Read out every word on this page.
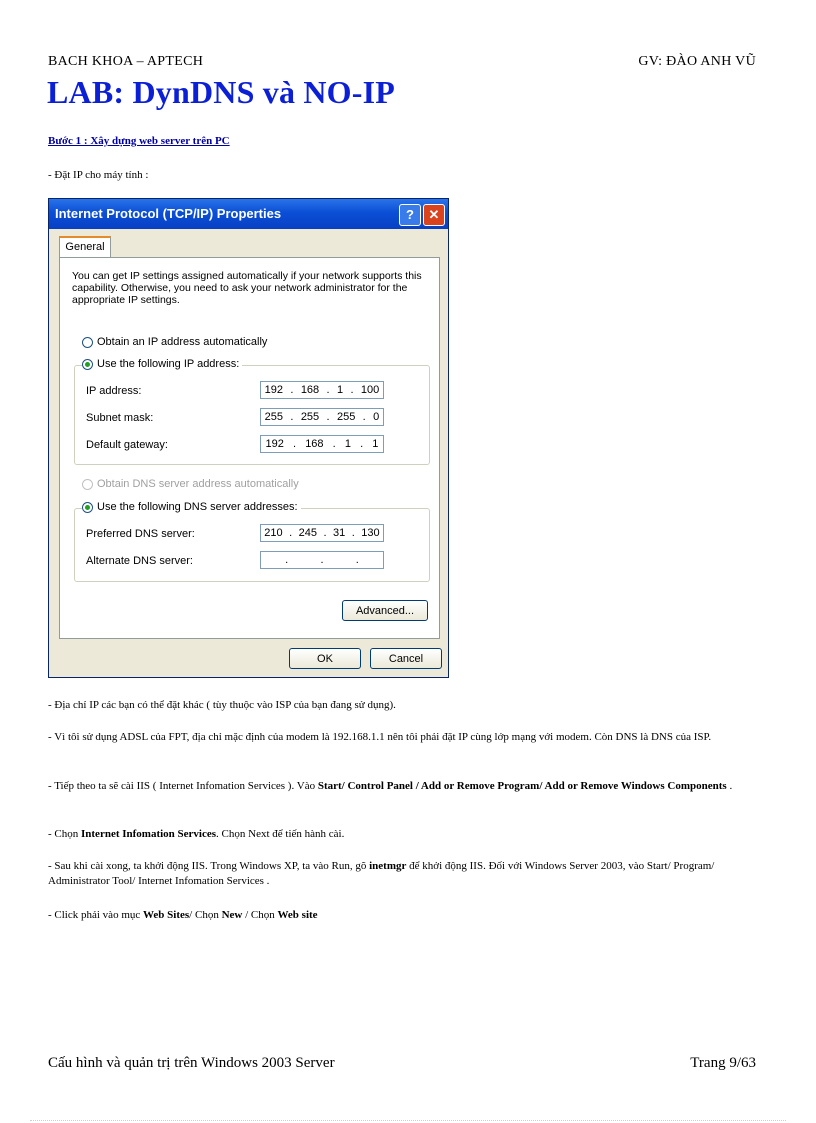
BACH KHOA – APTECH	GV: ĐÀO ANH VŨ
LAB: DynDNS và NO-IP
Bước 1 : Xây dựng web server trên PC
- Đặt IP cho máy tính :
Internet Protocol (TCP/IP) Properties	?	✕
General
You can get IP settings assigned automatically if your network supports this capability. Otherwise, you need to ask your network administrator for the appropriate IP settings.
Obtain an IP address automatically
Use the following IP address:
IP address:	192 . 168 . 1 . 100
Subnet mask:	255 . 255 . 255 . 0
Default gateway:	192 . 168 . 1 . 1
Obtain DNS server address automatically
Use the following DNS server addresses:
Preferred DNS server:	210 . 245 . 31 . 130
Alternate DNS server:	.	.	.
Advanced...
OK	Cancel
- Địa chỉ IP các bạn có thể đặt khác ( tùy thuộc vào ISP của bạn đang sử dụng).
- Vì tôi sử dụng ADSL của FPT, địa chỉ mặc định của modem là 192.168.1.1 nên tôi phải đặt IP cùng lớp mạng với modem. Còn DNS là DNS của ISP.
- Tiếp theo ta sẽ cài IIS ( Internet Infomation Services ). Vào Start/ Control Panel / Add or Remove Program/ Add or Remove Windows Components .
- Chọn Internet Infomation Services. Chọn Next để tiến hành cài.
- Sau khi cài xong, ta khởi động IIS. Trong Windows XP, ta vào Run, gõ inetmgr để khởi động IIS. Đối với Windows Server 2003, vào Start/ Program/ Administrator Tool/ Internet Infomation Services .
- Click phải vào mục Web Sites/ Chọn New / Chọn Web site
Cấu hình và quản trị trên Windows 2003 Server	Trang 9/63
